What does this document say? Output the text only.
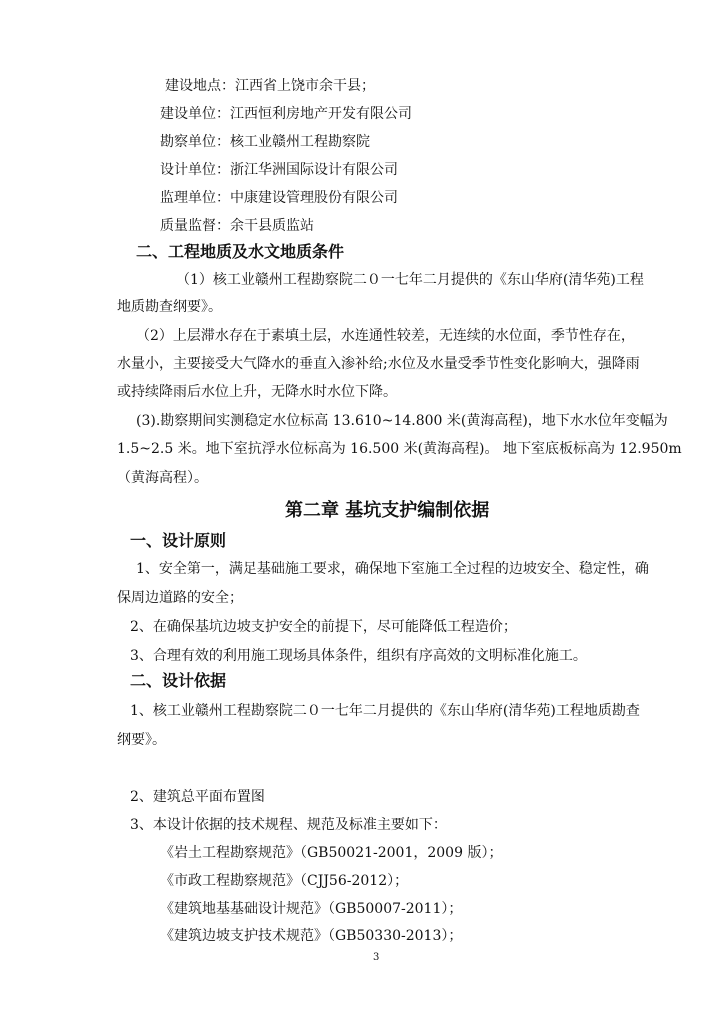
建设地点：江西省上饶市余干县；
建设单位：江西恒利房地产开发有限公司
勘察单位：核工业赣州工程勘察院
设计单位：浙江华洲国际设计有限公司
监理单位：中康建设管理股份有限公司
质量监督：余干县质监站
二、工程地质及水文地质条件
（1）核工业赣州工程勘察院二０一七年二月提供的《东山华府(清华苑)工程
地质勘查纲要》。
（2）上层滞水存在于素填土层，水连通性较差，无连续的水位面，季节性存在，
水量小，主要接受大气降水的垂直入渗补给;水位及水量受季节性变化影响大，强降雨
或持续降雨后水位上升，无降水时水位下降。
(3).勘察期间实测稳定水位标高 13.610~14.800 米(黄海高程)，地下水水位年变幅为
1.5~2.5 米。地下室抗浮水位标高为 16.500 米(黄海高程)。 地下室底板标高为 12.950m
（黄海高程）。
第二章 基坑支护编制依据
一、设计原则
1、安全第一，满足基础施工要求，确保地下室施工全过程的边坡安全、稳定性，确
保周边道路的安全；
2、在确保基坑边坡支护安全的前提下，尽可能降低工程造价；
3、合理有效的利用施工现场具体条件，组织有序高效的文明标准化施工。
二、设计依据
1、核工业赣州工程勘察院二０一七年二月提供的《东山华府(清华苑)工程地质勘查
纲要》。
2、建筑总平面布置图
3、本设计依据的技术规程、规范及标准主要如下：
《岩土工程勘察规范》（GB50021-2001，2009 版）；
《市政工程勘察规范》（CJJ56-2012）；
《建筑地基基础设计规范》（GB50007-2011）；
《建筑边坡支护技术规范》（GB50330-2013）；
3
